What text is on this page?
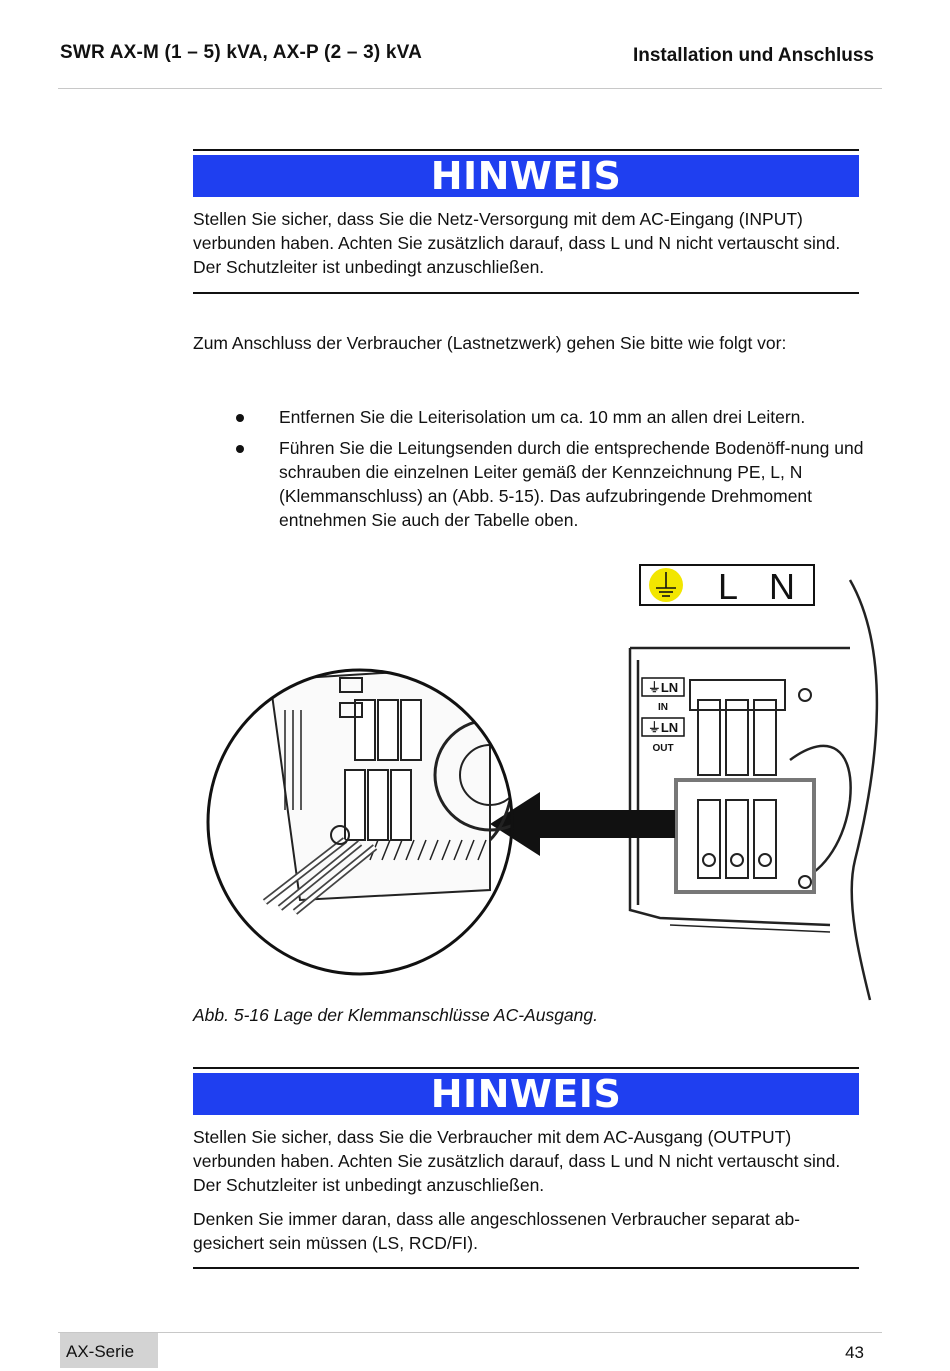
SWR AX-M (1 – 5) kVA, AX-P (2 – 3) kVA	Installation und Anschluss
HINWEIS

Stellen Sie sicher, dass Sie die Netz-Versorgung mit dem AC-Eingang (INPUT) verbunden haben. Achten Sie zusätzlich darauf, dass L und N nicht vertauscht sind. Der Schutzleiter ist unbedingt anzuschließen.

Zum Anschluss der Verbraucher (Lastnetzwerk) gehen Sie bitte wie folgt vor:
Entfernen Sie die Leiterisolation um ca. 10 mm an allen drei Leitern.
Führen Sie die Leitungsenden durch die entsprechende Bodenöff-nung und schrauben die einzelnen Leiter gemäß der Kennzeichnung PE, L, N (Klemmanschluss) an (Abb. 5-15). Das aufzubringende Drehmoment entnehmen Sie auch der Tabelle oben.
L N
⏚LN
IN
⏚LN
OUT
Abb. 5-16 Lage der Klemmanschlüsse AC-Ausgang.
HINWEIS

Stellen Sie sicher, dass Sie die Verbraucher mit dem AC-Ausgang (OUTPUT) verbunden haben. Achten Sie zusätzlich darauf, dass L und N nicht vertauscht sind. Der Schutzleiter ist unbedingt anzuschließen.

Denken Sie immer daran, dass alle angeschlossenen Verbraucher separat ab-gesichert sein müssen (LS, RCD/FI).

AX-Serie	43
